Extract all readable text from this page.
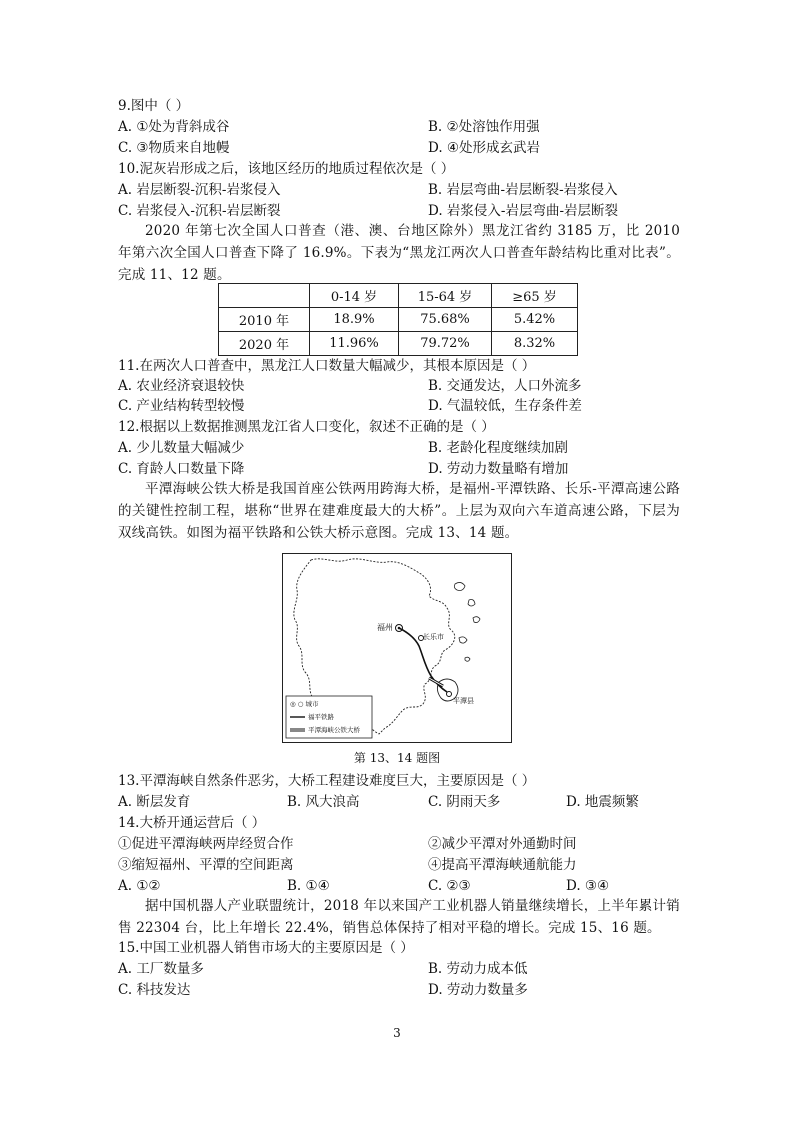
9.图中（ ）
A. ①处为背斜成谷	B. ②处溶蚀作用强
C. ③物质来自地幔	D. ④处形成玄武岩
10.泥灰岩形成之后，该地区经历的地质过程依次是（ ）
A. 岩层断裂-沉积-岩浆侵入	B. 岩层弯曲-岩层断裂-岩浆侵入
C. 岩浆侵入-沉积-岩层断裂	D. 岩浆侵入-岩层弯曲-岩层断裂
2020 年第七次全国人口普查（港、澳、台地区除外）黑龙江省约 3185 万，比 2010 年第六次全国人口普查下降了 16.9%。下表为“黑龙江两次人口普查年龄结构比重对比表”。完成 11、12 题。
	0-14 岁	15-64 岁	≥65 岁
2010 年	18.9%	75.68%	5.42%
2020 年	11.96%	79.72%	8.32%
11.在两次人口普查中，黑龙江人口数量大幅减少，其根本原因是（ ）
A. 农业经济衰退较快	B. 交通发达，人口外流多
C. 产业结构转型较慢	D. 气温较低，生存条件差
12.根据以上数据推测黑龙江省人口变化，叙述不正确的是（ ）
A. 少儿数量大幅减少	B. 老龄化程度继续加剧
C. 育龄人口数量下降	D. 劳动力数量略有增加
平潭海峡公铁大桥是我国首座公铁两用跨海大桥，是福州-平潭铁路、长乐-平潭高速公路的关键性控制工程，堪称“世界在建难度最大的大桥”。上层为双向六车道高速公路，下层为双线高铁。如图为福平铁路和公铁大桥示意图。完成 13、14 题。
福州
长乐市
平潭县
◎ ○ 城市
福平铁路
平潭海峡公铁大桥
第 13、14 题图
13.平潭海峡自然条件恶劣，大桥工程建设难度巨大，主要原因是（ ）
A. 断层发育	B. 风大浪高	C. 阴雨天多	D. 地震频繁
14.大桥开通运营后（ ）
①促进平潭海峡两岸经贸合作	②减少平潭对外通勤时间
③缩短福州、平潭的空间距离	④提高平潭海峡通航能力
A. ①②	B. ①④	C. ②③	D. ③④
据中国机器人产业联盟统计，2018 年以来国产工业机器人销量继续增长，上半年累计销售 22304 台，比上年增长 22.4%，销售总体保持了相对平稳的增长。完成 15、16 题。
15.中国工业机器人销售市场大的主要原因是（ ）
A. 工厂数量多	B. 劳动力成本低
C. 科技发达	D. 劳动力数量多
3
